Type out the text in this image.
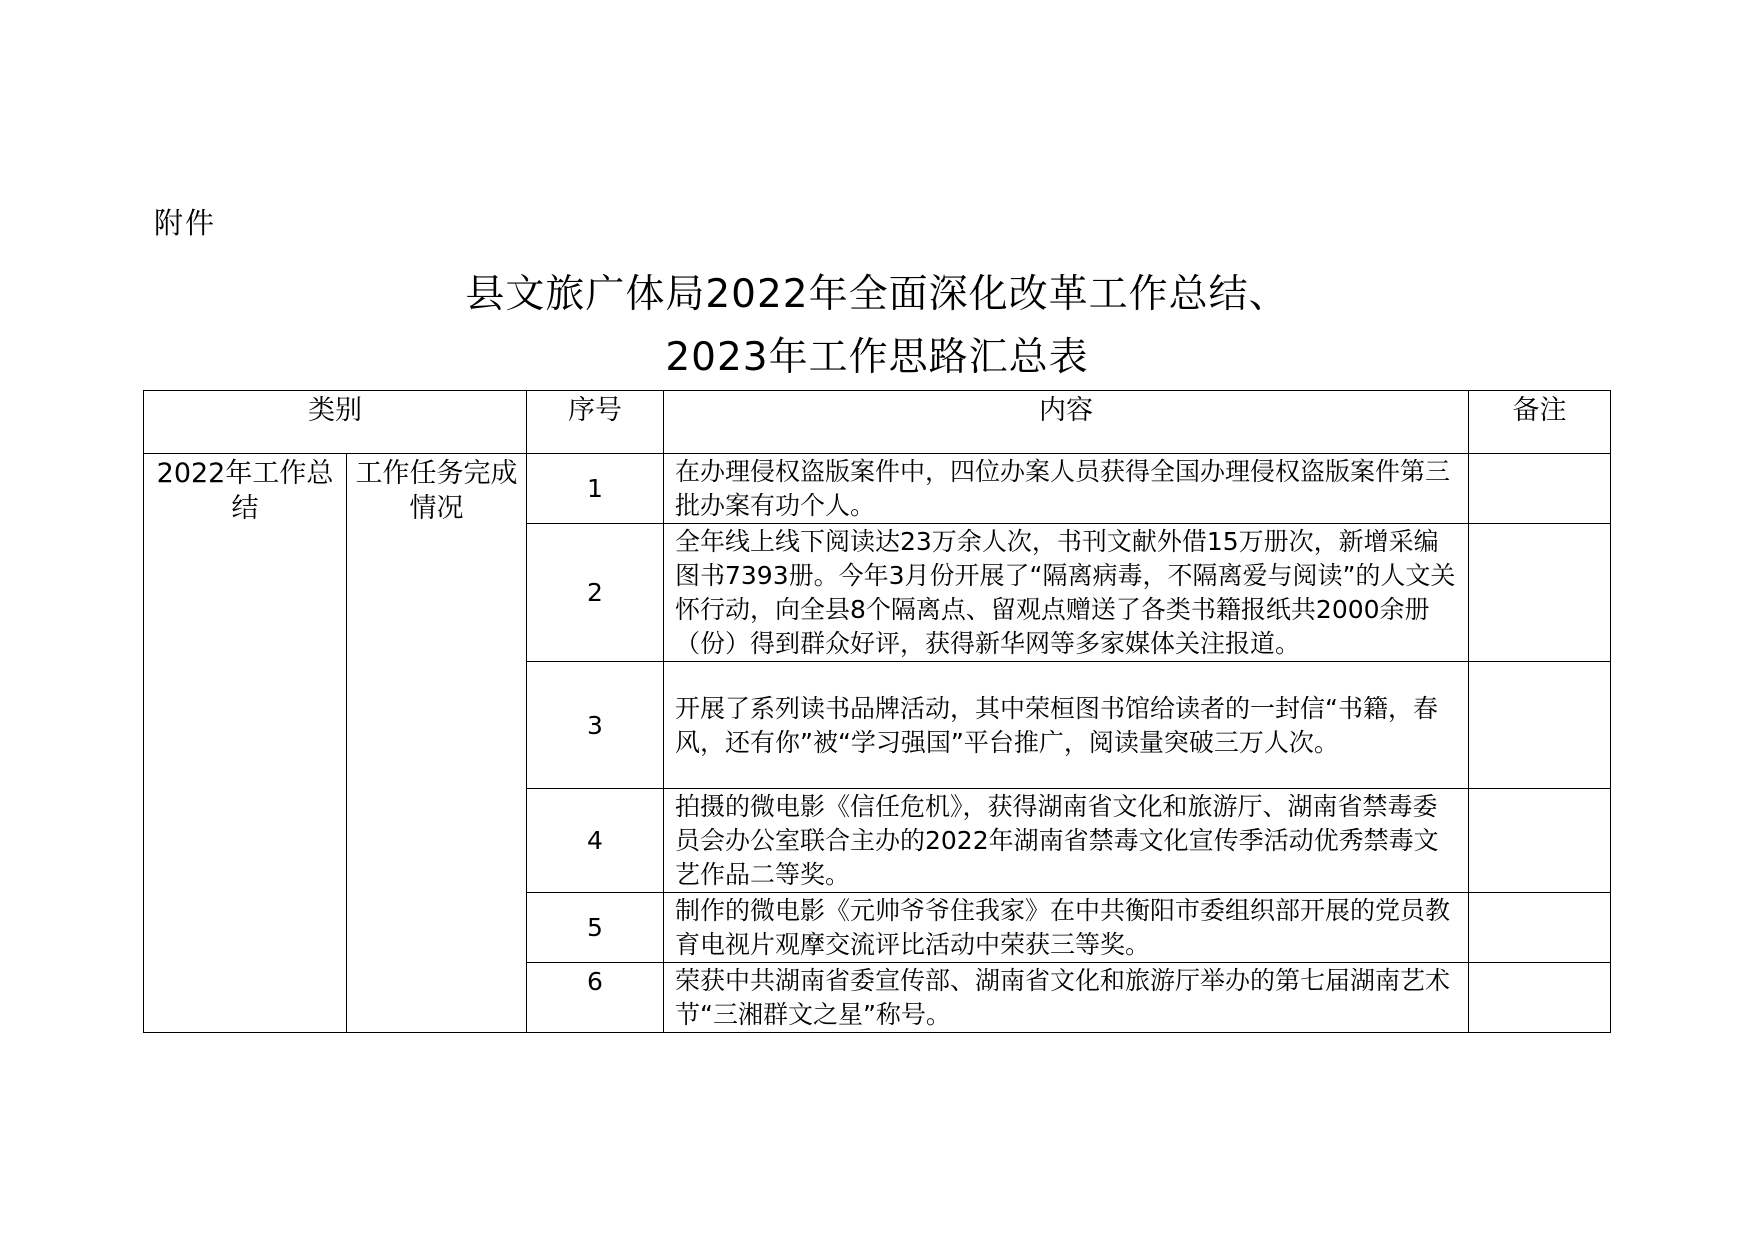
附件
县文旅广体局2022年全面深化改革工作总结、
2023年工作思路汇总表
类别		序号	内容	备注
2022年工作总结	工作任务完成情况	1	在办理侵权盗版案件中，四位办案人员获得全国办理侵权盗版案件第三批办案有功个人。	
		2	全年线上线下阅读达23万余人次，书刊文献外借15万册次，新增采编图书7393册。今年3月份开展了“隔离病毒，不隔离爱与阅读”的人文关怀行动，向全县8个隔离点、留观点赠送了各类书籍报纸共2000余册（份）得到群众好评，获得新华网等多家媒体关注报道。	
		3	开展了系列读书品牌活动，其中荣桓图书馆给读者的一封信“书籍，春风，还有你”被“学习强国”平台推广，阅读量突破三万人次。	
		4	拍摄的微电影《信任危机》，获得湖南省文化和旅游厅、湖南省禁毒委员会办公室联合主办的2022年湖南省禁毒文化宣传季活动优秀禁毒文艺作品二等奖。	
		5	制作的微电影《元帅爷爷住我家》在中共衡阳市委组织部开展的党员教育电视片观摩交流评比活动中荣获三等奖。	
		6	荣获中共湖南省委宣传部、湖南省文化和旅游厅举办的第七届湖南艺术节“三湘群文之星”称号。	
